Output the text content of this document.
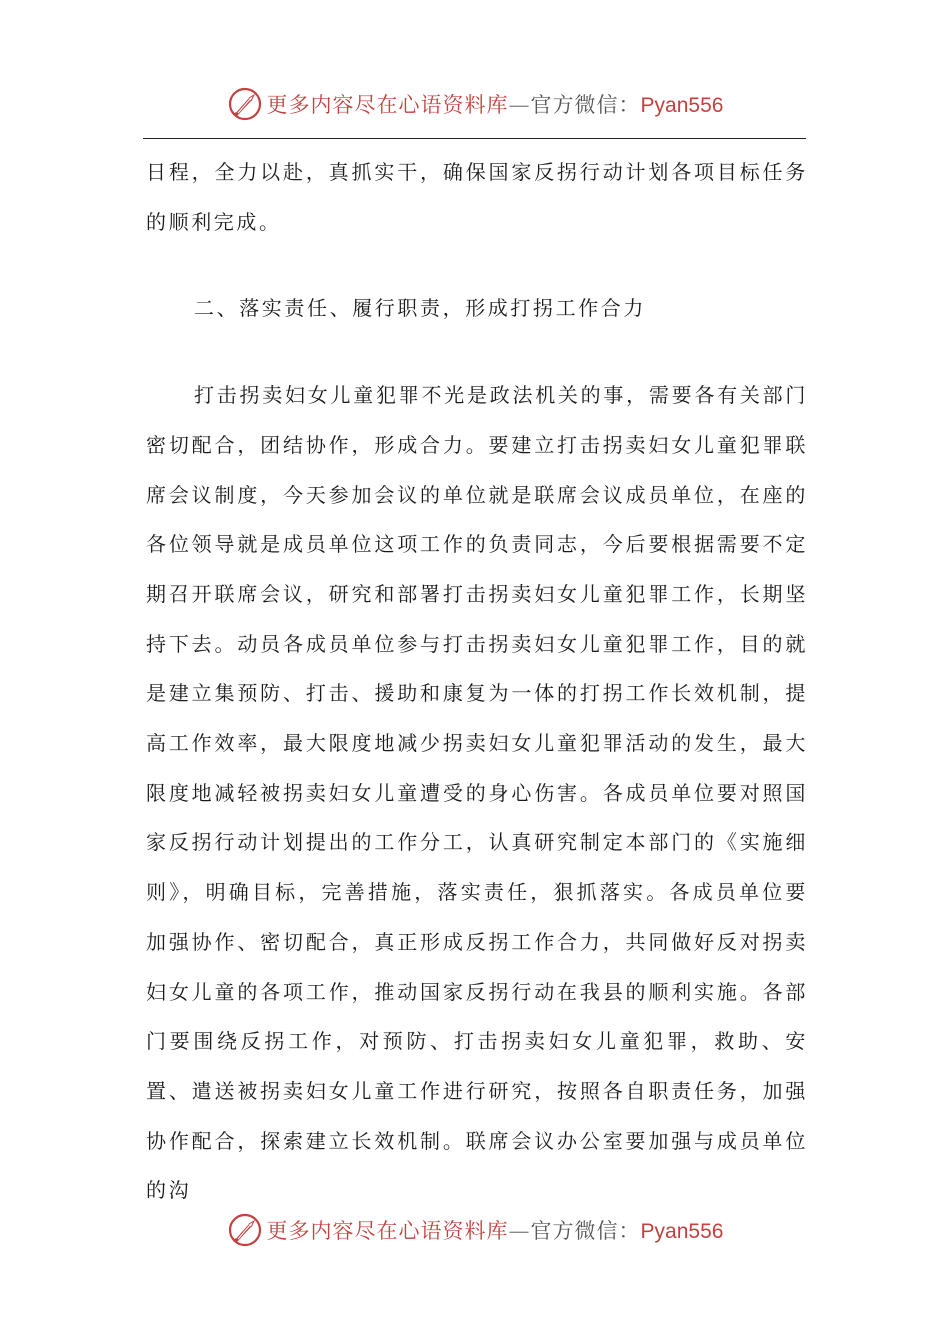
更多内容尽在心语资料库—官方微信：Pyan556

日程，全力以赴，真抓实干，确保国家反拐行动计划各项目标任务的顺利完成。

二、落实责任、履行职责，形成打拐工作合力

打击拐卖妇女儿童犯罪不光是政法机关的事，需要各有关部门密切配合，团结协作，形成合力。要建立打击拐卖妇女儿童犯罪联席会议制度，今天参加会议的单位就是联席会议成员单位，在座的各位领导就是成员单位这项工作的负责同志，今后要根据需要不定期召开联席会议，研究和部署打击拐卖妇女儿童犯罪工作，长期坚持下去。动员各成员单位参与打击拐卖妇女儿童犯罪工作，目的就是建立集预防、打击、援助和康复为一体的打拐工作长效机制，提高工作效率，最大限度地减少拐卖妇女儿童犯罪活动的发生，最大限度地减轻被拐卖妇女儿童遭受的身心伤害。各成员单位要对照国家反拐行动计划提出的工作分工，认真研究制定本部门的《实施细则》，明确目标，完善措施，落实责任，狠抓落实。各成员单位要加强协作、密切配合，真正形成反拐工作合力，共同做好反对拐卖妇女儿童的各项工作，推动国家反拐行动在我县的顺利实施。各部门要围绕反拐工作，对预防、打击拐卖妇女儿童犯罪，救助、安置、遣送被拐卖妇女儿童工作进行研究，按照各自职责任务，加强协作配合，探索建立长效机制。联席会议办公室要加强与成员单位的沟

更多内容尽在心语资料库—官方微信：Pyan556
